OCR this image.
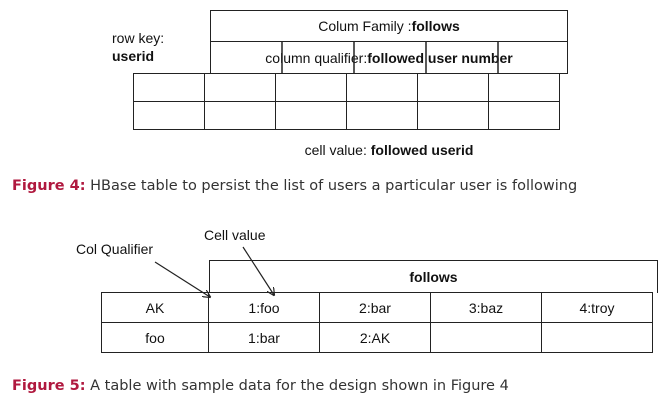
row key:
userid
Colum Family : follows

column qualifier: followed user number
cell value: followed userid
Figure 4: HBase table to persist the list of users a particular user is following
Cell value
Col Qualifier
follows
AK	1:foo	2:bar	3:baz	4:troy
foo	1:bar	2:AK		
Figure 5: A table with sample data for the design shown in Figure 4
